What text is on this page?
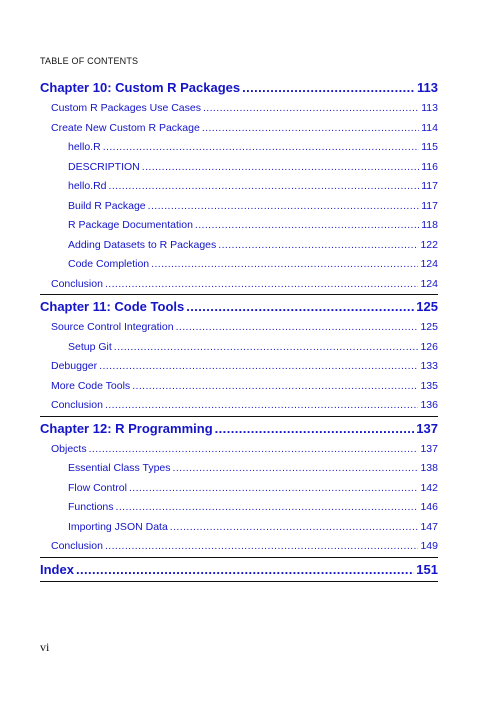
TABLE OF CONTENTS
Chapter 10: Custom R Packages .....	113
Custom R Packages Use Cases .....	113
Create New Custom R Package .....	114
hello.R .....	115
DESCRIPTION .....	116
hello.Rd .....	117
Build R Package .....	117
R Package Documentation .....	118
Adding Datasets to R Packages .....	122
Code Completion .....	124
Conclusion .....	124
Chapter 11: Code Tools .....	125
Source Control Integration .....	125
Setup Git .....	126
Debugger .....	133
More Code Tools .....	135
Conclusion .....	136
Chapter 12: R Programming .....	137
Objects .....	137
Essential Class Types .....	138
Flow Control .....	142
Functions .....	146
Importing JSON Data .....	147
Conclusion .....	149
Index .....	151
vi
